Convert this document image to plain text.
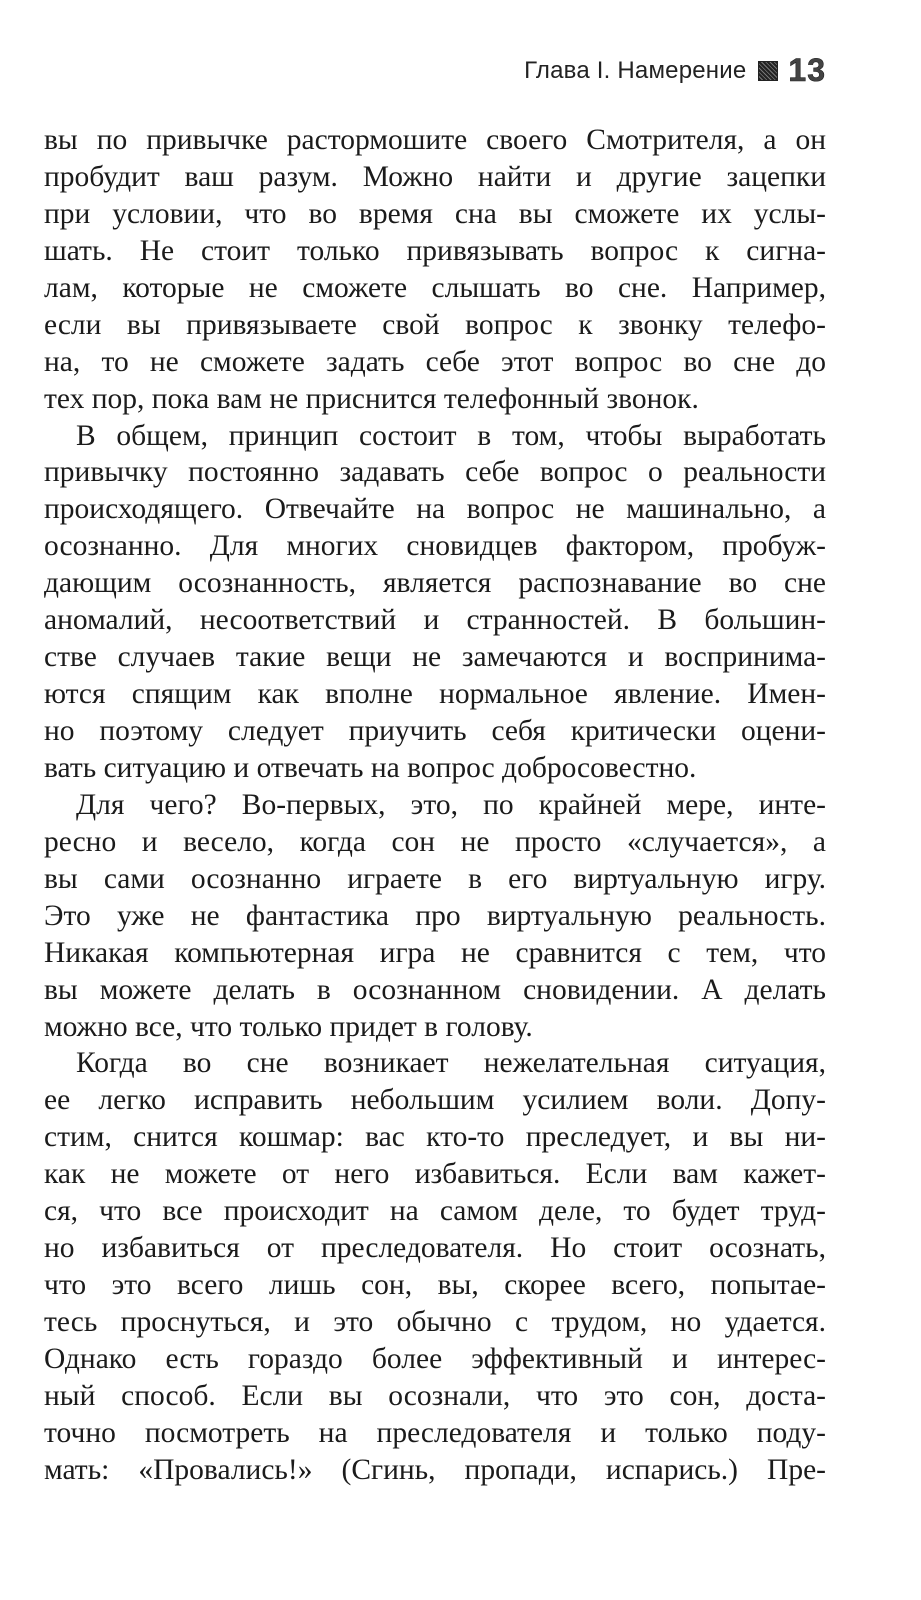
Глава I. Намерение 13
вы по привычке растормошите своего Смотрителя, а он
пробудит ваш разум. Можно найти и другие зацепки
при условии, что во время сна вы сможете их услы-
шать. Не стоит только привязывать вопрос к сигна-
лам, которые не сможете слышать во сне. Например,
если вы привязываете свой вопрос к звонку телефо-
на, то не сможете задать себе этот вопрос во сне до
тех пор, пока вам не приснится телефонный звонок.
В общем, принцип состоит в том, чтобы выработать
привычку постоянно задавать себе вопрос о реальности
происходящего. Отвечайте на вопрос не машинально, а
осознанно. Для многих сновидцев фактором, пробуж-
дающим осознанность, является распознавание во сне
аномалий, несоответствий и странностей. В большин-
стве случаев такие вещи не замечаются и воспринима-
ются спящим как вполне нормальное явление. Имен-
но поэтому следует приучить себя критически оцени-
вать ситуацию и отвечать на вопрос добросовестно.
Для чего? Во-первых, это, по крайней мере, инте-
ресно и весело, когда сон не просто «случается», а
вы сами осознанно играете в его виртуальную игру.
Это уже не фантастика про виртуальную реальность.
Никакая компьютерная игра не сравнится с тем, что
вы можете делать в осознанном сновидении. А делать
можно все, что только придет в голову.
Когда во сне возникает нежелательная ситуация,
ее легко исправить небольшим усилием воли. Допу-
стим, снится кошмар: вас кто-то преследует, и вы ни-
как не можете от него избавиться. Если вам кажет-
ся, что все происходит на самом деле, то будет труд-
но избавиться от преследователя. Но стоит осознать,
что это всего лишь сон, вы, скорее всего, попытае-
тесь проснуться, и это обычно с трудом, но удается.
Однако есть гораздо более эффективный и интерес-
ный способ. Если вы осознали, что это сон, доста-
точно посмотреть на преследователя и только поду-
мать: «Провались!» (Сгинь, пропади, испарись.) Пре-
